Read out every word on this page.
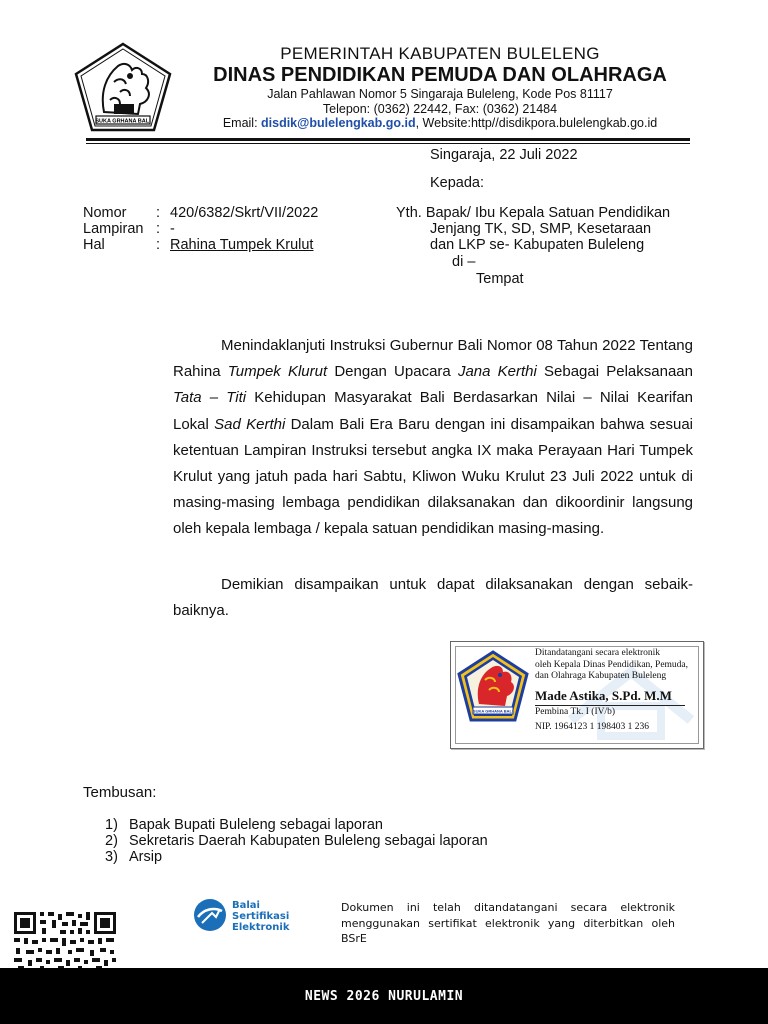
SUKA GRHANA BALI
PEMERINTAH KABUPATEN BULELENG
DINAS PENDIDIKAN PEMUDA DAN OLAHRAGA
Jalan Pahlawan Nomor 5 Singaraja Buleleng, Kode Pos 81117
Telepon: (0362) 22442, Fax: (0362) 21484
Email: disdik@bulelengkab.go.id, Website:http//disdikpora.bulelengkab.go.id
Singaraja, 22 Juli 2022
Kepada:
Nomor : 420/6382/Skrt/VII/2022
Lampiran : -
Hal	: Rahina Tumpek Krulut
Yth. Bapak/ Ibu Kepala Satuan Pendidikan
Jenjang TK, SD, SMP, Kesetaraan
dan LKP se- Kabupaten Buleleng
di –
Tempat
Menindaklanjuti Instruksi Gubernur Bali Nomor 08 Tahun 2022 Tentang Rahina Tumpek Klurut Dengan Upacara Jana Kerthi Sebagai Pelaksanaan Tata – Titi Kehidupan Masyarakat Bali Berdasarkan Nilai – Nilai Kearifan Lokal Sad Kerthi Dalam Bali Era Baru dengan ini disampaikan bahwa sesuai ketentuan Lampiran Instruksi tersebut angka IX maka Perayaan Hari Tumpek Krulut yang jatuh pada hari Sabtu, Kliwon Wuku Krulut 23 Juli 2022 untuk di masing-masing lembaga pendidikan dilaksanakan dan dikoordinir langsung oleh kepala lembaga / kepala satuan pendidikan masing-masing.
Demikian disampaikan untuk dapat dilaksanakan dengan sebaik-baiknya.
SUKA GRHANA BALI
Ditandatangani secara elektronik
oleh Kepala Dinas Pendidikan, Pemuda,
dan Olahraga Kabupaten Buleleng
Made Astika, S.Pd. M.M
Pembina Tk. I (IV/b)
NIP. 1964123 1 198403 1 236
Tembusan:
1) Bapak Bupati Buleleng sebagai laporan
2) Sekretaris Daerah Kabupaten Buleleng sebagai laporan
3) Arsip
Balai
Sertifikasi
Elektronik
Dokumen ini telah ditandatangani secara elektronik menggunakan sertifikat elektronik yang diterbitkan oleh BSrE
NEWS 2026 NURULAMIN
